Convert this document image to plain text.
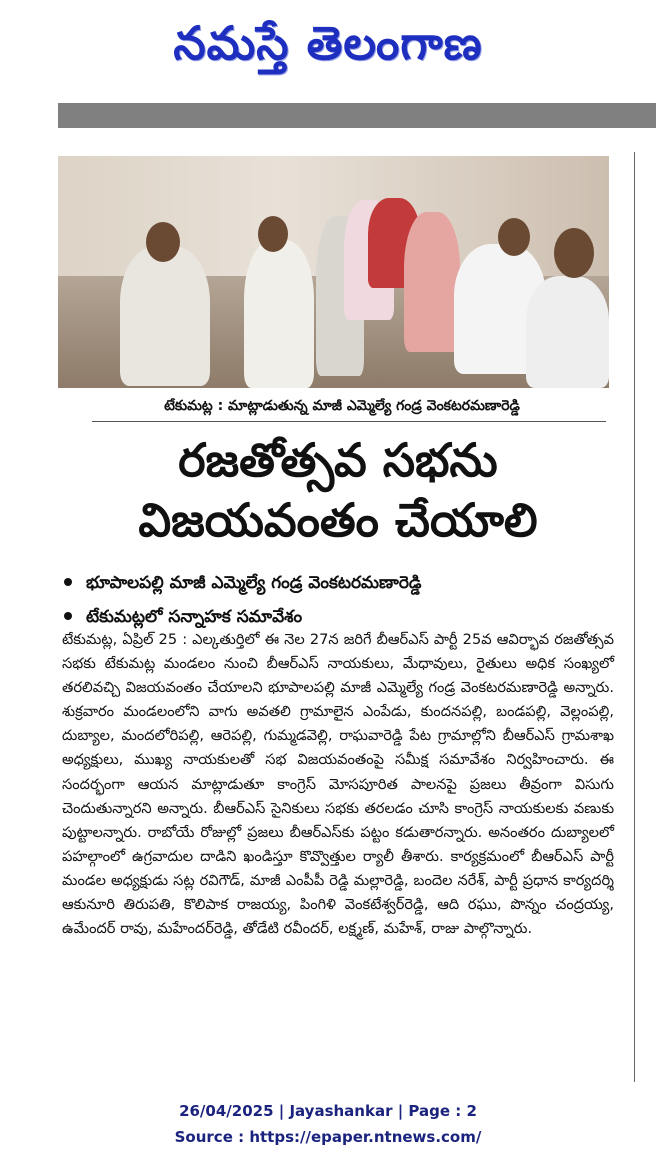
నమస్తే తెలంగాణ
టేకుమట్ల : మాట్లాడుతున్న మాజీ ఎమ్మెల్యే గండ్ర వెంకటరమణారెడ్డి
రజతోత్సవ సభను
విజయవంతం చేయాలి
భూపాలపల్లి మాజీ ఎమ్మెల్యే గండ్ర వెంకటరమణారెడ్డి
టేకుమట్లలో సన్నాహక సమావేశం
టేకుమట్ల, ఏప్రిల్ 25 : ఎల్కతుర్తిలో ఈ నెల 27న జరిగే బీఆర్ఎస్ పార్టీ 25వ ఆవిర్భావ రజతోత్సవ సభకు టేకుమట్ల మండలం నుంచి బీఆర్ఎస్ నాయకులు, మేధావులు, రైతులు అధిక సంఖ్యలో తరలివచ్చి విజయవంతం చేయాలని భూపాలపల్లి మాజీ ఎమ్మెల్యే గండ్ర వెంకటరమణారెడ్డి అన్నారు. శుక్రవారం మండలంలోని వాగు అవతలి గ్రామాలైన ఎంపేడు, కుందనపల్లి, బండపల్లి, వెల్లంపల్లి, దుబ్యాల, మందలోరిపల్లి, ఆరెపల్లి, గుమ్మడవెల్లి, రాఘవారెడ్డి పేట గ్రామాల్లోని బీఆర్ఎస్ గ్రామశాఖ అధ్యక్షులు, ముఖ్య నాయకులతో సభ విజయవంతంపై సమీక్ష సమావేశం నిర్వహించారు. ఈ సందర్భంగా ఆయన మాట్లాడుతూ కాంగ్రెస్ మోసపూరిత పాలనపై ప్రజలు తీవ్రంగా విసుగు చెందుతున్నారని అన్నారు. బీఆర్ఎస్ సైనికులు సభకు తరలడం చూసి కాంగ్రెస్ నాయకులకు వణుకు పుట్టాలన్నారు. రాబోయే రోజుల్లో ప్రజలు బీఆర్ఎస్‌కు పట్టం కడుతారన్నారు. అనంతరం దుబ్యాలలో పహల్గాంలో ఉగ్రవాదుల దాడిని ఖండిస్తూ కొవ్వొత్తుల ర్యాలీ తీశారు. కార్యక్రమంలో బీఆర్ఎస్ పార్టీ మండల అధ్యక్షుడు సట్ల రవిగౌడ్, మాజీ ఎంపీపీ రెడ్డి మల్లారెడ్డి, బందెల నరేశ్, పార్టీ ప్రధాన కార్యదర్శి ఆకునూరి తిరుపతి, కొలిపాక రాజయ్య, పింగిళి వెంకటేశ్వర్‌రెడ్డి, ఆది రఘు, పొన్నం చంద్రయ్య, ఉమేందర్ రావు, మహేందర్‌రెడ్డి, తోడేటి రవీందర్, లక్ష్మణ్, మహేశ్, రాజు పాల్గొన్నారు.
26/04/2025 | Jayashankar | Page : 2
Source : https://epaper.ntnews.com/
